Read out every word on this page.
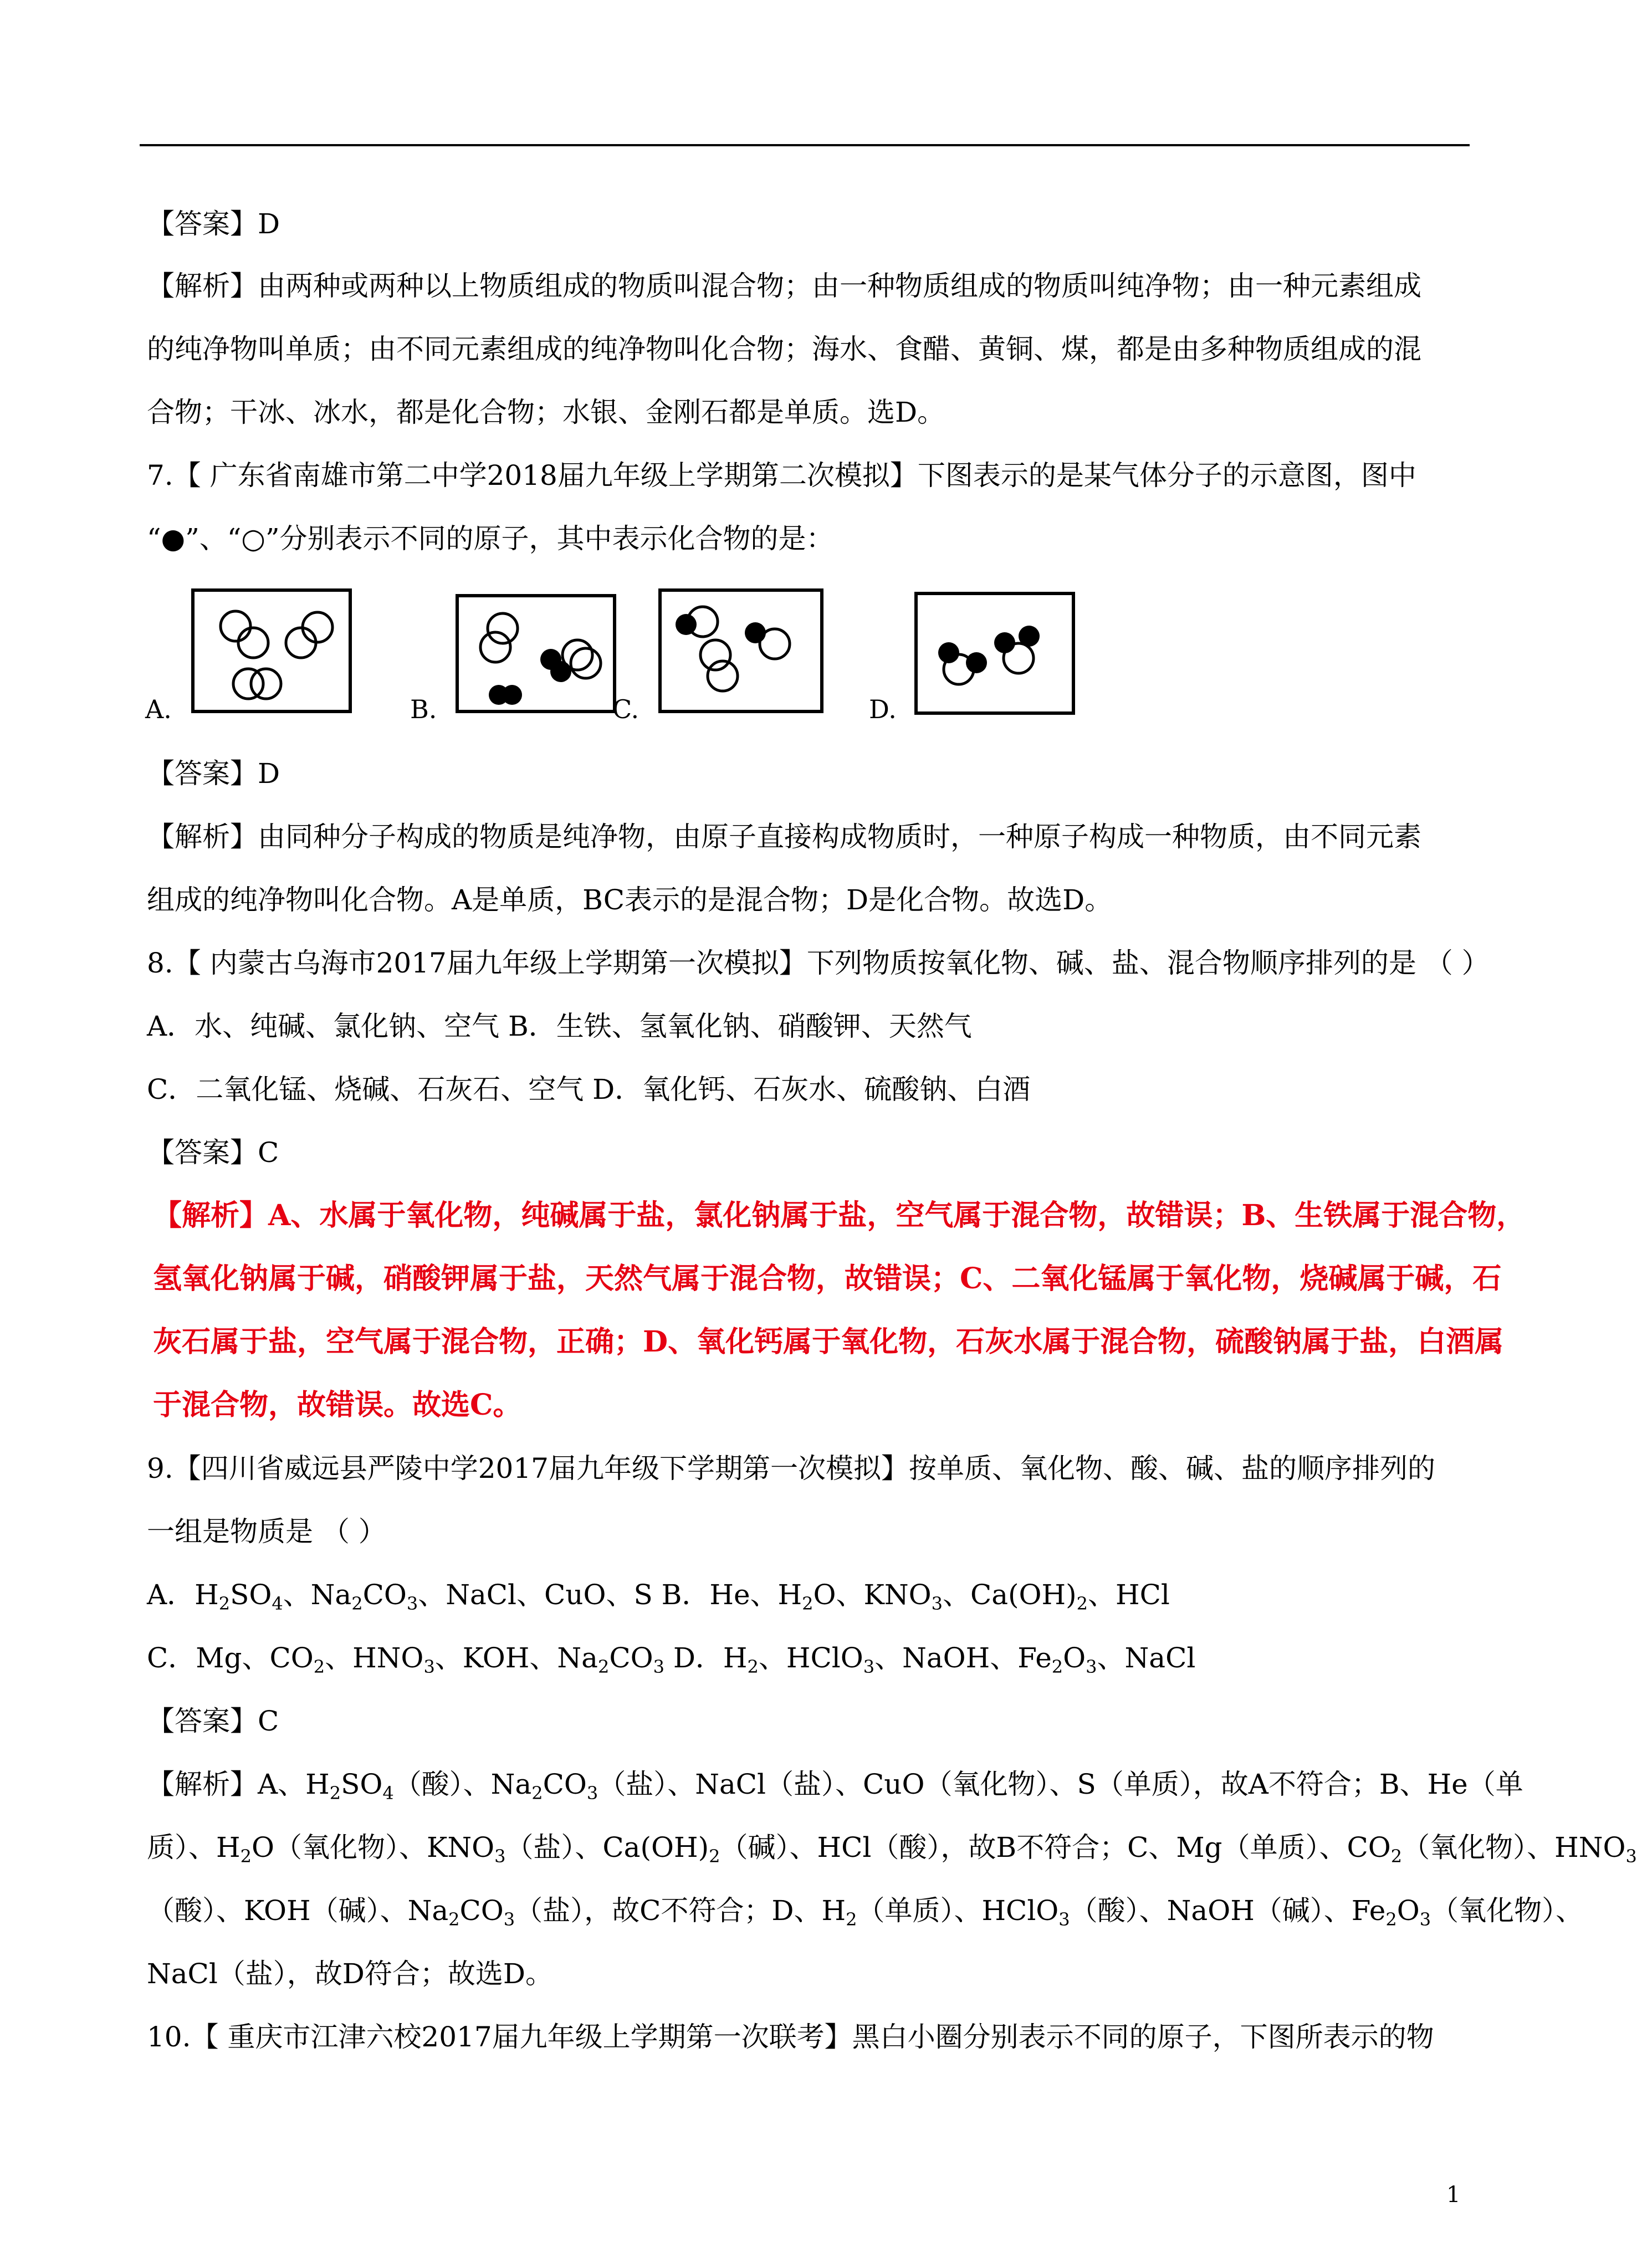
【答案】D
【解析】由两种或两种以上物质组成的物质叫混合物；由一种物质组成的物质叫纯净物；由一种元素组成
的纯净物叫单质；由不同元素组成的纯净物叫化合物；海水、食醋、黄铜、煤，都是由多种物质组成的混
合物；干冰、冰水，都是化合物；水银、金刚石都是单质。选D。
7.【 广东省南雄市第二中学2018届九年级上学期第二次模拟】下图表示的是某气体分子的示意图，图中
“●”、“○”分别表示不同的原子，其中表示化合物的是：
A.	B.	C.	D.
【答案】D
【解析】由同种分子构成的物质是纯净物，由原子直接构成物质时，一种原子构成一种物质，由不同元素
组成的纯净物叫化合物。A是单质，BC表示的是混合物；D是化合物。故选D。
8.【 内蒙古乌海市2017届九年级上学期第一次模拟】下列物质按氧化物、碱、盐、混合物顺序排列的是 （ ）
A．水、纯碱、氯化钠、空气 B．生铁、氢氧化钠、硝酸钾、天然气
C．二氧化锰、烧碱、石灰石、空气 D．氧化钙、石灰水、硫酸钠、白酒
【答案】C
【解析】A、水属于氧化物，纯碱属于盐，氯化钠属于盐，空气属于混合物，故错误；B、生铁属于混合物，
氢氧化钠属于碱，硝酸钾属于盐，天然气属于混合物，故错误；C、二氧化锰属于氧化物，烧碱属于碱，石
灰石属于盐，空气属于混合物，正确；D、氧化钙属于氧化物，石灰水属于混合物，硫酸钠属于盐，白酒属
于混合物，故错误。故选C。
9.【四川省威远县严陵中学2017届九年级下学期第一次模拟】按单质、氧化物、酸、碱、盐的顺序排列的
一组是物质是 （ ）
A．$H_2SO_4$、$Na_2CO_3$、NaCl、CuO、S B．He、$H_2O$、$KNO_3$、$Ca(OH)_2$、HCl
C．Mg、$CO_2$、$HNO_3$、KOH、$Na_2CO_3$ D．$H_2$、HClO$_3$、NaOH、$Fe_2O_3$、NaCl
【答案】C
【解析】A、$H_2SO_4$（酸）、$Na_2CO_3$（盐）、NaCl（盐）、CuO（氧化物）、S（单质），故A不符合；B、He（单
质）、$H_2O$（氧化物）、$KNO_3$（盐）、$Ca(OH)_2$（碱）、HCl（酸），故B不符合；C、Mg（单质）、$CO_2$（氧化物）、$HNO_3$
（酸）、KOH（碱）、$Na_2CO_3$（盐），故C不符合；D、$H_2$（单质）、HClO$_3$（酸）、NaOH（碱）、$Fe_2O_3$（氧化物）、
NaCl（盐），故D符合；故选D。
10.【 重庆市江津六校2017届九年级上学期第一次联考】黑白小圈分别表示不同的原子，下图所表示的物
1
